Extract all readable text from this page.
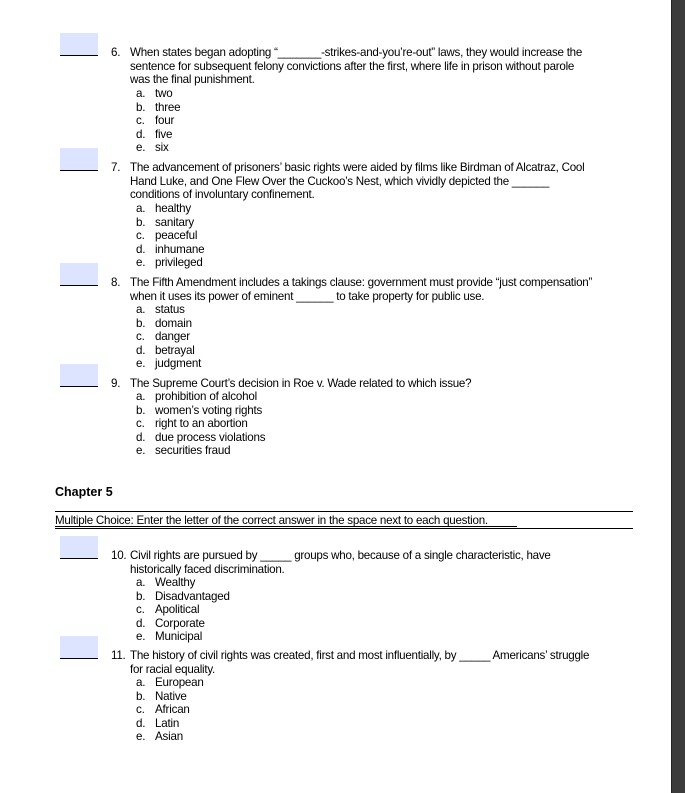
6. When states began adopting “_______-strikes-and-you’re-out” laws, they would increase the
sentence for subsequent felony convictions after the first, where life in prison without parole
was the final punishment.
a. two
b. three
c. four
d. five
e. six
7. The advancement of prisoners’ basic rights were aided by films like Birdman of Alcatraz, Cool
Hand Luke, and One Flew Over the Cuckoo’s Nest, which vividly depicted the ______
conditions of involuntary confinement.
a. healthy
b. sanitary
c. peaceful
d. inhumane
e. privileged
8. The Fifth Amendment includes a takings clause: government must provide “just compensation”
when it uses its power of eminent ______ to take property for public use.
a. status
b. domain
c. danger
d. betrayal
e. judgment
9. The Supreme Court’s decision in Roe v. Wade related to which issue?
a. prohibition of alcohol
b. women’s voting rights
c. right to an abortion
d. due process violations
e. securities fraud
Chapter 5
Multiple Choice: Enter the letter of the correct answer in the space next to each question.
10. Civil rights are pursued by _____ groups who, because of a single characteristic, have
historically faced discrimination.
a. Wealthy
b. Disadvantaged
c. Apolitical
d. Corporate
e. Municipal
11. The history of civil rights was created, first and most influentially, by _____ Americans’ struggle
for racial equality.
a. European
b. Native
c. African
d. Latin
e. Asian
